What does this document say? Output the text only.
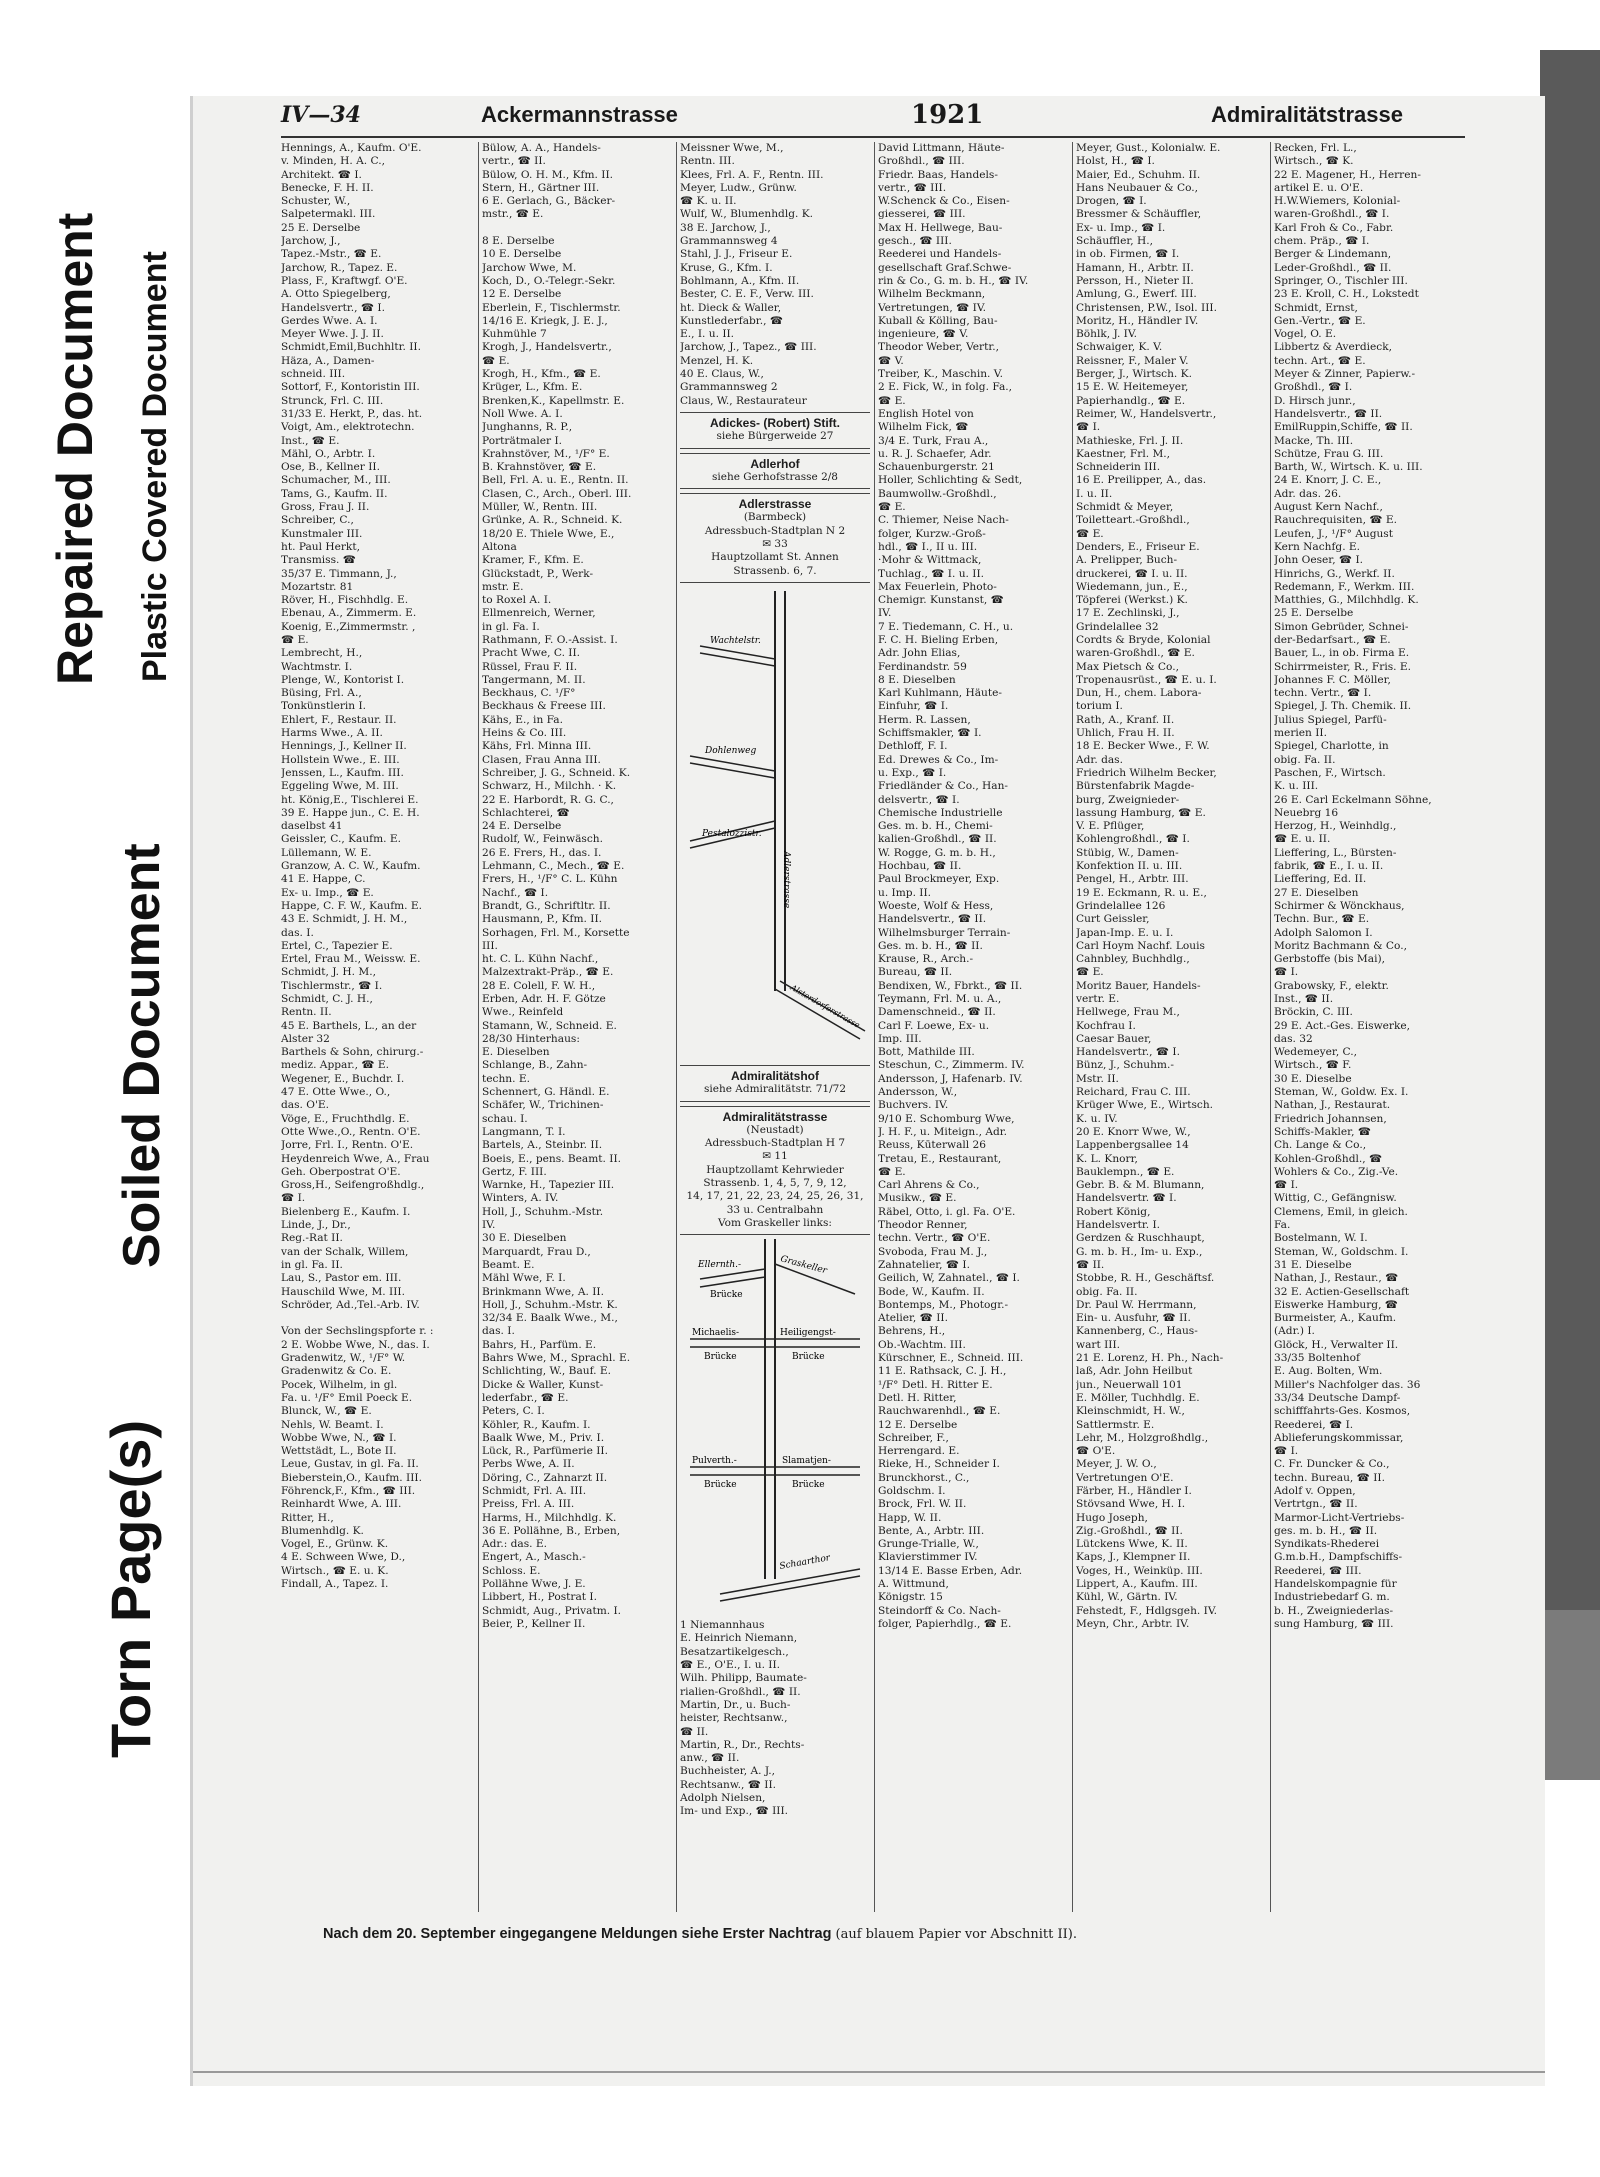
Repaired Document Plastic Covered Document
Soiled Document
Torn Page(s)
IV—34	Ackermannstrasse	1921	Admiralitätstrasse
Hennings, A., Kaufm. O'E.
v. Minden, H. A. C.,
Architekt. ☎ I.
Benecke, F. H. II.
Schuster, W.,
Salpetermakl. III.
25 E. Derselbe
Jarchow, J.,
Tapez.-Mstr., ☎ E.
Jarchow, R., Tapez. E.
Plass, F., Kraftwgf. O'E.
A. Otto Spiegelberg,
Handelsvertr., ☎ I.
Gerdes Wwe. A. I.
Meyer Wwe. J. J. II.
Schmidt,Emil,Buchhltr. II.
Häza, A., Damen-
schneid. III.
Sottorf, F., Kontoristin III.
Strunck, Frl. C. III.
31/33 E. Herkt, P., das. ht.
Voigt, Am., elektrotechn.
Inst., ☎ E.
Mähl, O., Arbtr. I.
Ose, B., Kellner II.
Schumacher, M., III.
Tams, G., Kaufm. II.
Gross, Frau J. II.
Schreiber, C.,
Kunstmaler III.
ht. Paul Herkt,
Transmiss. ☎
35/37 E. Timmann, J.,
Mozartstr. 81
Röver, H., Fischhdlg. E.
Ebenau, A., Zimmerm. E.
Koenig, E.,Zimmermstr. ,
☎ E.
Lembrecht, H.,
Wachtmstr. I.
Plenge, W., Kontorist I.
Büsing, Frl. A.,
Tonkünstlerin I.
Ehlert, F., Restaur. II.
Harms Wwe., A. II.
Hennings, J., Kellner II.
Hollstein Wwe., E. III.
Jenssen, L., Kaufm. III.
Eggeling Wwe, M. III.
ht. König,E., Tischlerei E.
39 E. Happe jun., C. E. H.
daselbst 41
Geissler, C., Kaufm. E.
Lüllemann, W. E.
Granzow, A. C. W., Kaufm.
41 E. Happe, C.
Ex- u. Imp., ☎ E.
Happe, C. F. W., Kaufm. E.
43 E. Schmidt, J. H. M.,
das. I.
Ertel, C., Tapezier E.
Ertel, Frau M., Weissw. E.
Schmidt, J. H. M.,
Tischlermstr., ☎ I.
Schmidt, C. J. H.,
Rentn. II.
45 E. Barthels, L., an der
Alster 32
Barthels & Sohn, chirurg.-
mediz. Appar., ☎ E.
Wegener, E., Buchdr. I.
47 E. Otte Wwe., O.,
das. O'E.
Vöge, E., Fruchthdlg. E.
Otte Wwe.,O., Rentn. O'E.
Jorre, Frl. I., Rentn. O'E.
Heydenreich Wwe, A., Frau
Geh. Oberpostrat O'E.
Gross,H., Seifengroßhdlg.,
☎ I.
Bielenberg E., Kaufm. I.
Linde, J., Dr.,
Reg.-Rat II.
van der Schalk, Willem,
in gl. Fa. II.
Lau, S., Pastor em. III.
Hauschild Wwe, M. III.
Schröder, Ad.,Tel.-Arb. IV.

Von der Sechslingspforte r. :
2 E. Wobbe Wwe, N., das. I.
Gradenwitz, W., ¹/F° W.
Gradenwitz & Co. E.
Pocek, Wilhelm, in gl.
Fa. u. ¹/F° Emil Poeck E.
Blunck, W., ☎ E.
Nehls, W. Beamt. I.
Wobbe Wwe, N., ☎ I.
Wettstädt, L., Bote II.
Leue, Gustav, in gl. Fa. II.
Bieberstein,O., Kaufm. III.
Föhrenck,F., Kfm., ☎ III.
Reinhardt Wwe, A. III.
Ritter, H.,
Blumenhdlg. K.
Vogel, E., Grünw. K.
4 E. Schween Wwe, D.,
Wirtsch., ☎ E. u. K.
Findall, A., Tapez. I.
Bülow, A. A., Handels-
vertr., ☎ II.
Bülow, O. H. M., Kfm. II.
Stern, H., Gärtner III.
6 E. Gerlach, G., Bäcker-
mstr., ☎ E.

8 E. Derselbe
10 E. Derselbe
Jarchow Wwe, M.
Koch, D., O.-Telegr.-Sekr.
12 E. Derselbe
Eberlein, F., Tischlermstr.
14/16 E. Kriegk, J. E. J.,
Kuhmühle 7
Krogh, J., Handelsvertr.,
☎ E.
Krogh, H., Kfm., ☎ E.
Krüger, L., Kfm. E.
Brenken,K., Kapellmstr. E.
Noll Wwe. A. I.
Junghanns, R. P.,
Porträtmaler I.
Krahnstöver, M., ¹/F° E.
B. Krahnstöver, ☎ E.
Bell, Frl. A. u. E., Rentn. II.
Clasen, C., Arch., Oberl. III.
Müller, W., Rentn. III.
Grünke, A. R., Schneid. K.
18/20 E. Thiele Wwe, E.,
Altona
Kramer, F., Kfm. E.
Glückstadt, P., Werk-
mstr. E.
to Roxel A. I.
Ellmenreich, Werner,
in gl. Fa. I.
Rathmann, F. O.-Assist. I.
Pracht Wwe, C. II.
Rüssel, Frau F. II.
Tangermann, M. II.
Beckhaus, C. ¹/F°
Beckhaus & Freese III.
Kähs, E., in Fa.
Heins & Co. III.
Kähs, Frl. Minna III.
Clasen, Frau Anna III.
Schreiber, J. G., Schneid. K.
Schwarz, H., Milchh. · K.
22 E. Harbordt, R. G. C.,
Schlachterei, ☎
24 E. Derselbe
Rudolf, W., Feinwäsch.
26 E. Frers, H., das. I.
Lehmann, C., Mech., ☎ E.
Frers, H., ¹/F° C. L. Kühn
Nachf., ☎ I.
Brandt, G., Schriftltr. II.
Hausmann, P., Kfm. II.
Sorhagen, Frl. M., Korsette
III.
ht. C. L. Kühn Nachf.,
Malzextrakt-Präp., ☎ E.
28 E. Colell, F. W. H.,
Erben, Adr. H. F. Götze
Wwe., Reinfeld
Stamann, W., Schneid. E.
28/30 Hinterhaus:
E. Dieselben
Schlange, B., Zahn-
techn. E.
Schennert, G. Händl. E.
Schäfer, W., Trichinen-
schau. I.
Langmann, T. I.
Bartels, A., Steinbr. II.
Boeis, E., pens. Beamt. II.
Gertz, F. III.
Warnke, H., Tapezier III.
Winters, A. IV.
Holl, J., Schuhm.-Mstr.
IV.
30 E. Dieselben
Marquardt, Frau D.,
Beamt. E.
Mähl Wwe, F. I.
Brinkmann Wwe, A. II.
Holl, J., Schuhm.-Mstr. K.
32/34 E. Baalk Wwe., M.,
das. I.
Bahrs, H., Parfüm. E.
Bahrs Wwe, M., Sprachl. E.
Schlichting, W., Bauf. E.
Dicke & Waller, Kunst-
lederfabr., ☎ E.
Peters, C. I.
Köhler, R., Kaufm. I.
Baalk Wwe, M., Priv. I.
Lück, R., Parfümerie II.
Perbs Wwe, A. II.
Döring, C., Zahnarzt II.
Schmidt, Frl. A. III.
Preiss, Frl. A. III.
Harms, H., Milchhdlg. K.
36 E. Pollähne, B., Erben,
Adr.: das. E.
Engert, A., Masch.-
Schloss. E.
Pollähne Wwe, J. E.
Libbert, H., Postrat I.
Schmidt, Aug., Privatm. I.
Beier, P., Kellner II.
Meissner Wwe, M.,
Rentn. III.
Klees, Frl. A. F., Rentn. III.
Meyer, Ludw., Grünw.
☎ K. u. II.
Wulf, W., Blumenhdlg. K.
38 E. Jarchow, J.,
Grammannsweg 4
Stahl, J. J., Friseur E.
Kruse, G., Kfm. I.
Bohlmann, A., Kfm. II.
Bester, C. E. F., Verw. III.
ht. Dieck & Waller,
Kunstlederfabr., ☎
E., I. u. II.
Jarchow, J., Tapez., ☎ III.
Menzel, H. K.
40 E. Claus, W.,
Grammannsweg 2
Claus, W., Restaurateur
Adickes- (Robert) Stift.
siehe Bürgerweide 27
Adlerhof
siehe Gerhofstrasse 2/8
Adlerstrasse
(Barmbeck)
Adressbuch-Stadtplan N 2
✉ 33
Hauptzollamt St. Annen
Strassenb. 6, 7.
Wachtelstr.
Dohlenweg
Pestalozzistr.
Adlerstrasse
Alsterdorferstrasse
Admiralitätshof
siehe Admiralitätstr. 71/72
Admiralitätstrasse
(Neustadt)
Adressbuch-Stadtplan H 7
✉ 11
Hauptzollamt Kehrwieder
Strassenb. 1, 4, 5, 7, 9, 12,
14, 17, 21, 22, 23, 24, 25, 26, 31,
33 u. Centralbahn
Vom Graskeller links:
Ellernth.-
Brücke
Graskeller
Michaelis-
Brücke
Heiligengst-
Brücke
Pulverth.-
Brücke
Slamatjen-
Brücke
Schaarthor
1 Niemannhaus
E. Heinrich Niemann,
Besatzartikelgesch.,
☎ E., O'E., I. u. II.
Wilh. Philipp, Baumate-
rialien-Großhdl., ☎ II.
Martin, Dr., u. Buch-
heister, Rechtsanw.,
☎ II.
Martin, R., Dr., Rechts-
anw., ☎ II.
Buchheister, A. J.,
Rechtsanw., ☎ II.
Adolph Nielsen,
Im- und Exp., ☎ III.
David Littmann, Häute-
Großhdl., ☎ III.
Friedr. Baas, Handels-
vertr., ☎ III.
W.Schenck & Co., Eisen-
giesserei, ☎ III.
Max H. Hellwege, Bau-
gesch., ☎ III.
Reederei und Handels-
gesellschaft Graf.Schwe-
rin & Co., G. m. b. H., ☎ IV.
Wilhelm Beckmann,
Vertretungen, ☎ IV.
Kuball & Kölling, Bau-
ingenieure, ☎ V.
Theodor Weber, Vertr.,
☎ V.
Treiber, K., Maschin. V.
2 E. Fick, W., in folg. Fa.,
☎ E.
English Hotel von
Wilhelm Fick, ☎
3/4 E. Turk, Frau A.,
u. R. J. Schaefer, Adr.
Schauenburgerstr. 21
Holler, Schlichting & Sedt,
Baumwollw.-Großhdl.,
☎ E.
C. Thiemer, Neise Nach-
folger, Kurzw.-Groß-
hdl., ☎ I., II u. III.
·Mohr & Wittmack,
Tuchlag., ☎ I. u. II.
Max Feuerlein, Photo-
Chemigr. Kunstanst, ☎
IV.
7 E. Tiedemann, C. H., u.
F. C. H. Bieling Erben,
Adr. John Elias,
Ferdinandstr. 59
8 E. Dieselben
Karl Kuhlmann, Häute-
Einfuhr, ☎ I.
Herm. R. Lassen,
Schiffsmakler, ☎ I.
Dethloff, F. I.
Ed. Drewes & Co., Im-
u. Exp., ☎ I.
Friedländer & Co., Han-
delsvertr., ☎ I.
Chemische Industrielle
Ges. m. b. H., Chemi-
kalien-Großhdl., ☎ II.
W. Rogge, G. m. b. H.,
Hochbau, ☎ II.
Paul Brockmeyer, Exp.
u. Imp. II.
Woeste, Wolf & Hess,
Handelsvertr., ☎ II.
Wilhelmsburger Terrain-
Ges. m. b. H., ☎ II.
Krause, R., Arch.-
Bureau, ☎ II.
Bendixen, W., Fbrkt., ☎ II.
Teymann, Frl. M. u. A.,
Damenschneid., ☎ II.
Carl F. Loewe, Ex- u.
Imp. III.
Bott, Mathilde III.
Steschun, C., Zimmerm. IV.
Andersson, J, Hafenarb. IV.
Andersson, W.,
Buchvers. IV.
9/10 E. Schomburg Wwe,
J. H. F., u. Miteign., Adr.
Reuss, Kūterwall 26
Tretau, E., Restaurant,
☎ E.
Carl Ahrens & Co.,
Musikw., ☎ E.
Räbel, Otto, i. gl. Fa. O'E.
Theodor Renner,
techn. Vertr., ☎ O'E.
Svoboda, Frau M. J.,
Zahnatelier, ☎ I.
Geilich, W, Zahnatel., ☎ I.
Bode, W., Kaufm. II.
Bontemps, M., Photogr.-
Atelier, ☎ II.
Behrens, H.,
Ob.-Wachtm. III.
Kürschner, E., Schneid. III.
11 E. Rathsack, C. J. H.,
¹/F° Detl. H. Ritter E.
Detl. H. Ritter,
Rauchwarenhdl., ☎ E.
12 E. Derselbe
Schreiber, F.,
Herrengard. E.
Rieke, H., Schneider I.
Brunckhorst., C.,
Goldschm. I.
Brock, Frl. W. II.
Happ, W. II.
Bente, A., Arbtr. III.
Grunge-Trialle, W.,
Klavierstimmer IV.
13/14 E. Basse Erben, Adr.
A. Wittmund,
Königstr. 15
Steindorff & Co. Nach-
folger, Papierhdlg., ☎ E.
Meyer, Gust., Kolonialw. E.
Holst, H., ☎ I.
Maier, Ed., Schuhm. II.
Hans Neubauer & Co.,
Drogen, ☎ I.
Bressmer & Schäuffler,
Ex- u. Imp., ☎ I.
Schäuffler, H.,
in ob. Firmen, ☎ I.
Hamann, H., Arbtr. II.
Persson, H., Nieter II.
Amlung, G., Ewerf. III.
Christensen, P.W., Isol. III.
Moritz, H., Händler IV.
Böhlk, J. IV.
Schwaiger, K. V.
Reissner, F., Maler V.
Berger, J., Wirtsch. K.
15 E. W. Heitemeyer,
Papierhandlg., ☎ E.
Reimer, W., Handelsvertr.,
☎ I.
Mathieske, Frl. J. II.
Kaestner, Frl. M.,
Schneiderin III.
16 E. Preilipper, A., das.
I. u. II.
Schmidt & Meyer,
Toiletteart.-Großhdl.,
☎ E.
Denders, E., Friseur E.
A. Prelipper, Buch-
druckerei, ☎ I. u. II.
Wiedemann, jun., E.,
Töpferei (Werkst.) K.
17 E. Zechlinski, J.,
Grindelallee 32
Cordts & Bryde, Kolonial
waren-Großhdl., ☎ E.
Max Pietsch & Co.,
Tropenausrüst., ☎ E. u. I.
Dun, H., chem. Labora-
torium I.
Rath, A., Kranf. II.
Uhlich, Frau H. II.
18 E. Becker Wwe., F. W.
Adr. das.
Friedrich Wilhelm Becker,
Bürstenfabrik Magde-
burg, Zweignieder-
lassung Hamburg, ☎ E.
V. E. Pflüger,
Kohlengroßhdl., ☎ I.
Stübig, W., Damen-
Konfektion II. u. III.
Pengel, H., Arbtr. III.
19 E. Eckmann, R. u. E.,
Grindelallee 126
Curt Geissler,
Japan-Imp. E. u. I.
Carl Hoym Nachf. Louis
Cahnbley, Buchhdlg.,
☎ E.
Moritz Bauer, Handels-
vertr. E.
Hellwege, Frau M.,
Kochfrau I.
Caesar Bauer,
Handelsvertr., ☎ I.
Bünz, J., Schuhm.-
Mstr. II.
Reichard, Frau C. III.
Krüger Wwe, E., Wirtsch.
K. u. IV.
20 E. Knorr Wwe, W.,
Lappenbergsallee 14
K. L. Knorr,
Bauklempn., ☎ E.
Gebr. B. & M. Blumann,
Handelsvertr. ☎ I.
Robert König,
Handelsvertr. I.
Gerdzen & Ruschhaupt,
G. m. b. H., Im- u. Exp.,
☎ II.
Stobbe, R. H., Geschäftsf.
obig. Fa. II.
Dr. Paul W. Herrmann,
Ein- u. Ausfuhr, ☎ II.
Kannenberg, C., Haus-
wart III.
21 E. Lorenz, H. Ph., Nach-
laß, Adr. John Heilbut
jun., Neuerwall 101
E. Möller, Tuchhdlg. E.
Kleinschmidt, H. W.,
Sattlermstr. E.
Lehr, M., Holzgroßhdlg.,
☎ O'E.
Meyer, J. W. O.,
Vertretungen O'E.
Färber, H., Händler I.
Stövsand Wwe, H. I.
Hugo Joseph,
Zig.-Großhdl., ☎ II.
Lütckens Wwe, K. II.
Kaps, J., Klempner II.
Voges, H., Weinküp. III.
Lippert, A., Kaufm. III.
Kühl, W., Gärtn. IV.
Fehstedt, F., Hdlgsgeh. IV.
Meyn, Chr., Arbtr. IV.
Recken, Frl. L.,
Wirtsch., ☎ K.
22 E. Magener, H., Herren-
artikel E. u. O'E.
H.W.Wiemers, Kolonial-
waren-Großhdl., ☎ I.
Karl Froh & Co., Fabr.
chem. Präp., ☎ I.
Berger & Lindemann,
Leder-Großhdl., ☎ II.
Springer, O., Tischler III.
23 E. Kroll, C. H., Lokstedt
Schmidt, Ernst,
Gen.-Vertr., ☎ E.
Vogel, O. E.
Libbertz & Averdieck,
techn. Art., ☎ E.
Meyer & Zinner, Papierw.-
Großhdl., ☎ I.
D. Hirsch junr.,
Handelsvertr., ☎ II.
EmilRuppin,Schiffe, ☎ II.
Macke, Th. III.
Schütze, Frau G. III.
Barth, W., Wirtsch. K. u. III.
24 E. Knorr, J. C. E.,
Adr. das. 26.
August Kern Nachf.,
Rauchrequisiten, ☎ E.
Leufen, J., ¹/F° August
Kern Nachfg. E.
John Oeser, ☎ I.
Hinrichs, G., Werkf. II.
Redemann, F., Werkm. III.
Matthies, G., Milchhdlg. K.
25 E. Derselbe
Simon Gebrüder, Schnei-
der-Bedarfsart., ☎ E.
Bauer, L., in ob. Firma E.
Schirrmeister, R., Fris. E.
Johannes F. C. Möller,
techn. Vertr., ☎ I.
Spiegel, J. Th. Chemik. II.
Julius Spiegel, Parfü-
merien II.
Spiegel, Charlotte, in
obig. Fa. II.
Paschen, F., Wirtsch.
K. u. III.
26 E. Carl Eckelmann Söhne,
Neuebrg 16
Herzog, H., Weinhdlg.,
☎ E. u. II.
Lieffering, L., Bürsten-
fabrik, ☎ E., I. u. II.
Lieffering, Ed. II.
27 E. Dieselben
Schirmer & Wönckhaus,
Techn. Bur., ☎ E.
Adolph Salomon I.
Moritz Bachmann & Co.,
Gerbstoffe (bis Mai),
☎ I.
Grabowsky, F., elektr.
Inst., ☎ II.
Bröckin, C. III.
29 E. Act.-Ges. Eiswerke,
das. 32
Wedemeyer, C.,
Wirtsch., ☎ F.
30 E. Dieselbe
Steman, W., Goldw. Ex. I.
Nathan, J., Restaurat.
Friedrich Johannsen,
Schiffs-Makler, ☎
Ch. Lange & Co.,
Kohlen-Großhdl., ☎
Wohlers & Co., Zig.-Ve.
☎ I.
Wittig, C., Gefängnisw.
Clemens, Emil, in gleich.
Fa.
Bostelmann, W. I.
Steman, W., Goldschm. I.
31 E. Dieselbe
Nathan, J., Restaur., ☎
32 E. Actien-Gesellschaft
Eiswerke Hamburg, ☎
Burmeister, A., Kaufm.
(Adr.) I.
Glöck, H., Verwalter II.
33/35 Boltenhof
E. Aug. Bolten, Wm.
Miller's Nachfolger das. 36
33/34 Deutsche Dampf-
schifffahrts-Ges. Kosmos,
Reederei, ☎ I.
Ablieferungskommissar,
☎ I.
C. Fr. Duncker & Co.,
techn. Bureau, ☎ II.
Adolf v. Oppen,
Vertrtgn., ☎ II.
Marmor-Licht-Vertriebs-
ges. m. b. H., ☎ II.
Syndikats-Rhederei
G.m.b.H., Dampfschiffs-
Reederei, ☎ III.
Handelskompagnie für
Industriebedarf G. m.
b. H., Zweigniederlas-
sung Hamburg, ☎ III.
Nach dem 20. September eingegangene Meldungen siehe Erster Nachtrag (auf blauem Papier vor Abschnitt II).
